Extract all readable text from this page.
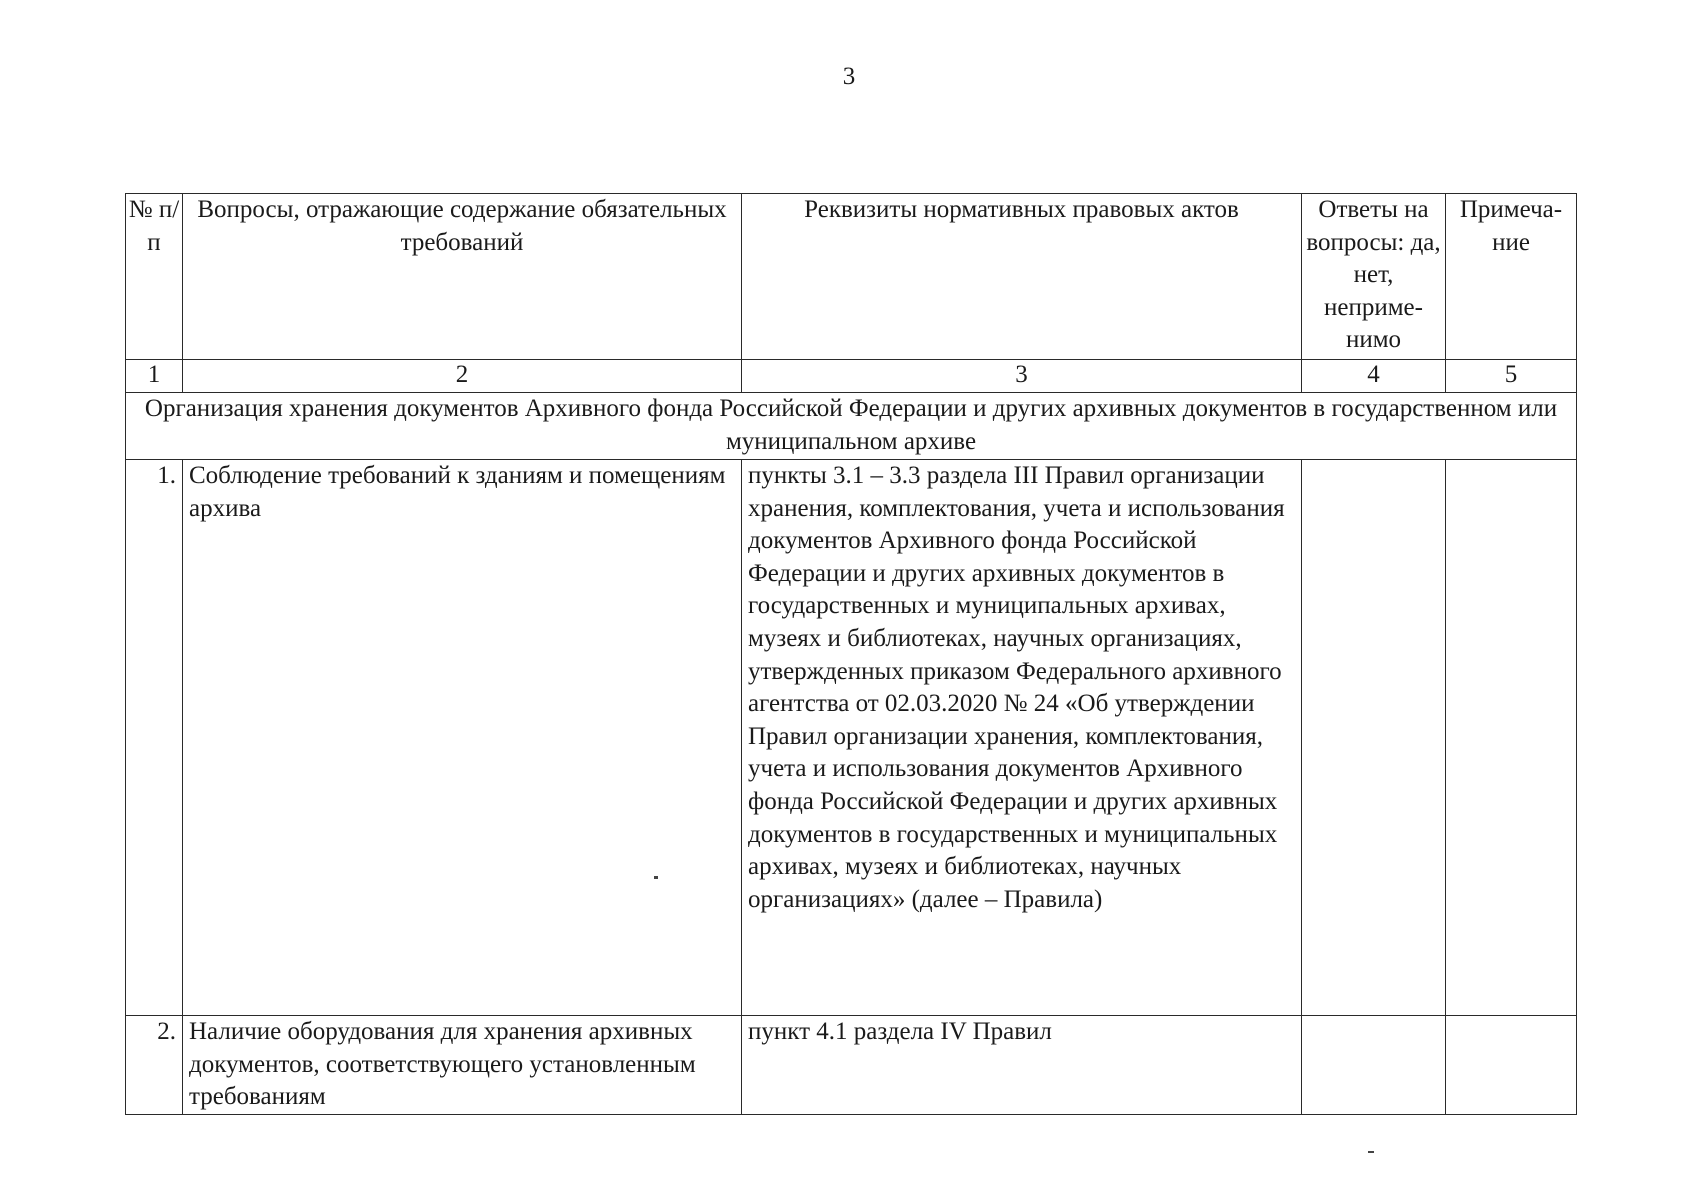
3
№ п/п	Вопросы, отражающие содержание обязательных требований	Реквизиты нормативных правовых актов	Ответы на вопросы: да, нет, неприме-нимо	Примеча-ние
1	2	3	4	5
Организация хранения документов Архивного фонда Российской Федерации и других архивных документов в государственном или муниципальном архиве				
1.	Соблюдение требований к зданиям и помещениям архива	пункты 3.1 – 3.3 раздела III Правил организации хранения, комплектования, учета и использования документов Архивного фонда Российской Федерации и других архивных документов в государственных и муниципальных архивах, музеях и библиотеках, научных организациях, утвержденных приказом Федерального архивного агентства от 02.03.2020 № 24 «Об утверждении Правил организации хранения, комплектования, учета и использования документов Архивного фонда Российской Федерации и других архивных документов в государственных и муниципальных архивах, музеях и библиотеках, научных организациях» (далее – Правила)		
2.	Наличие оборудования для хранения архивных документов, соответствующего установленным требованиям	пункт 4.1 раздела IV Правил		
